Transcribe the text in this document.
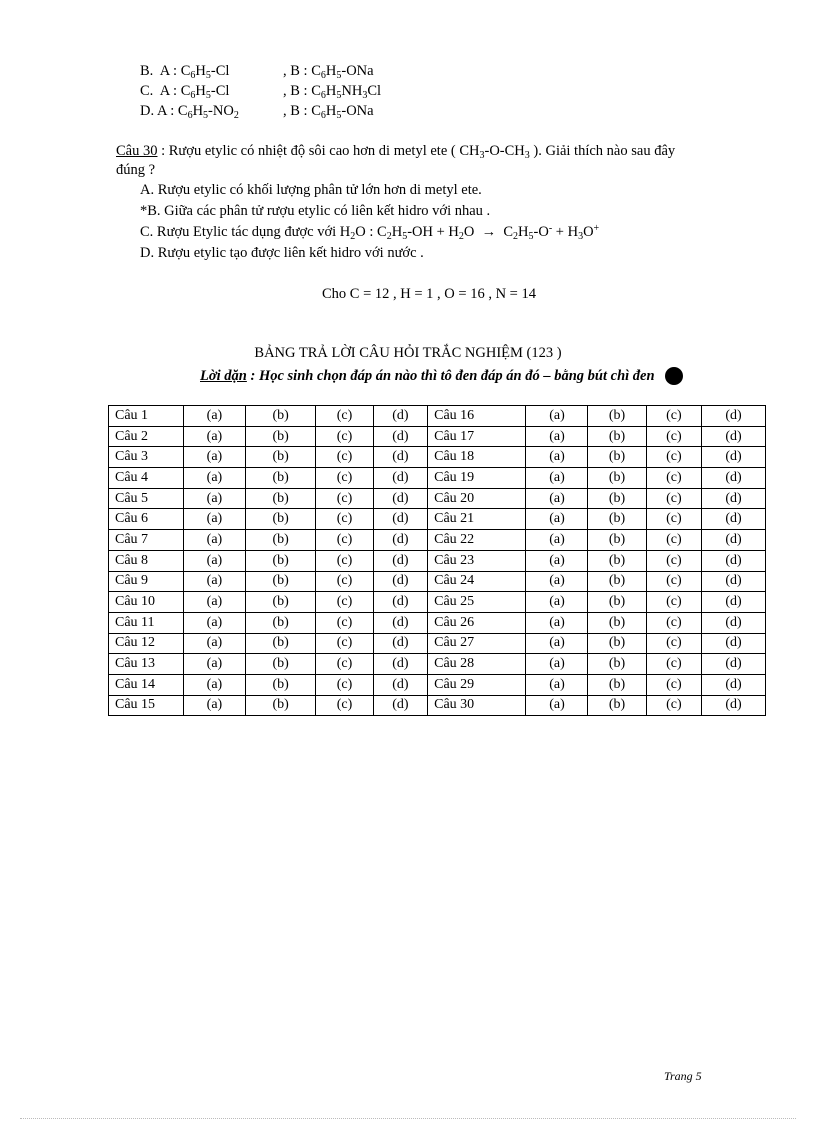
B. A : $C_6H_5-Cl$	, B : $C_6H_5$-ONa
C. A : $C_6H_5-Cl$	, B : $C_6H_5NH_3Cl$
D. A : $C_6H_5-NO_2$	, B : $C_6H_5$-ONa
Câu 30 : Rượu etylic có nhiệt độ sôi cao hơn di metyl ete ( $CH_3-O-CH_3$ ). Giải thích nào sau đây
đúng ?
A. Rượu etylic có khối lượng phân tử lớn hơn di metyl ete.
*B. Giữa các phân tử rượu etylic có liên kết hidro với nhau .
C. Rượu Etylic tác dụng được với $H_2O$ : $C_2H_5-OH + H_2O \to C_2H_5-O^- + H_3O^+$
D. Rượu etylic tạo được liên kết hidro với nước .
Cho C = 12 , H = 1 , O = 16 , N = 14
BẢNG TRẢ LỜI CÂU HỎI TRẮC NGHIỆM (123 )
Lời dặn : Học sinh chọn đáp án nào thì tô đen đáp án đó – bằng bút chì đen
Câu 1	(a)	(b)	(c)	(d)	Câu 16	(a)	(b)	(c)	(d)
Câu 2	(a)	(b)	(c)	(d)	Câu 17	(a)	(b)	(c)	(d)
Câu 3	(a)	(b)	(c)	(d)	Câu 18	(a)	(b)	(c)	(d)
Câu 4	(a)	(b)	(c)	(d)	Câu 19	(a)	(b)	(c)	(d)
Câu 5	(a)	(b)	(c)	(d)	Câu 20	(a)	(b)	(c)	(d)
Câu 6	(a)	(b)	(c)	(d)	Câu 21	(a)	(b)	(c)	(d)
Câu 7	(a)	(b)	(c)	(d)	Câu 22	(a)	(b)	(c)	(d)
Câu 8	(a)	(b)	(c)	(d)	Câu 23	(a)	(b)	(c)	(d)
Câu 9	(a)	(b)	(c)	(d)	Câu 24	(a)	(b)	(c)	(d)
Câu 10	(a)	(b)	(c)	(d)	Câu 25	(a)	(b)	(c)	(d)
Câu 11	(a)	(b)	(c)	(d)	Câu 26	(a)	(b)	(c)	(d)
Câu 12	(a)	(b)	(c)	(d)	Câu 27	(a)	(b)	(c)	(d)
Câu 13	(a)	(b)	(c)	(d)	Câu 28	(a)	(b)	(c)	(d)
Câu 14	(a)	(b)	(c)	(d)	Câu 29	(a)	(b)	(c)	(d)
Câu 15	(a)	(b)	(c)	(d)	Câu 30	(a)	(b)	(c)	(d)
Trang 5
